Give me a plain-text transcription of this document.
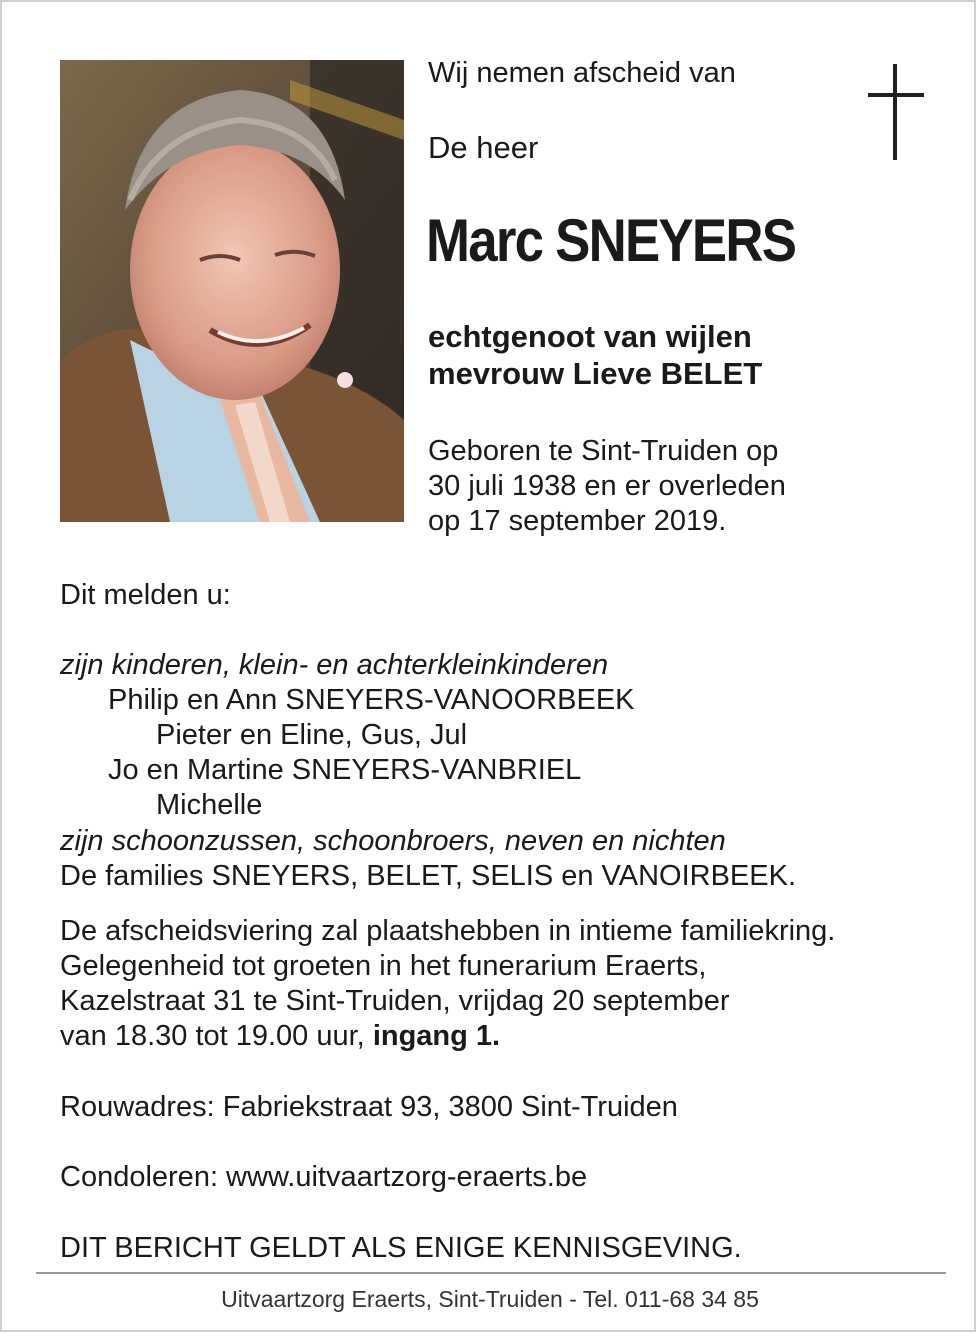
Wij nemen afscheid van
De heer
Marc SNEYERS
echtgenoot van wijlen
mevrouw Lieve BELET
Geboren te Sint-Truiden op
30 juli 1938 en er overleden
op 17 september 2019.
Dit melden u:
zijn kinderen, klein- en achterkleinkinderen
Philip en Ann SNEYERS-VANOORBEEK
Pieter en Eline, Gus, Jul
Jo en Martine SNEYERS-VANBRIEL
Michelle
zijn schoonzussen, schoonbroers, neven en nichten
De families SNEYERS, BELET, SELIS en VANOIRBEEK.
De afscheidsviering zal plaatshebben in intieme familiekring.
Gelegenheid tot groeten in het funerarium Eraerts,
Kazelstraat 31 te Sint-Truiden, vrijdag 20 september
van 18.30 tot 19.00 uur, ingang 1.
Rouwadres: Fabriekstraat 93, 3800 Sint-Truiden
Condoleren: www.uitvaartzorg-eraerts.be
DIT BERICHT GELDT ALS ENIGE KENNISGEVING.
Uitvaartzorg Eraerts, Sint-Truiden - Tel. 011-68 34 85
